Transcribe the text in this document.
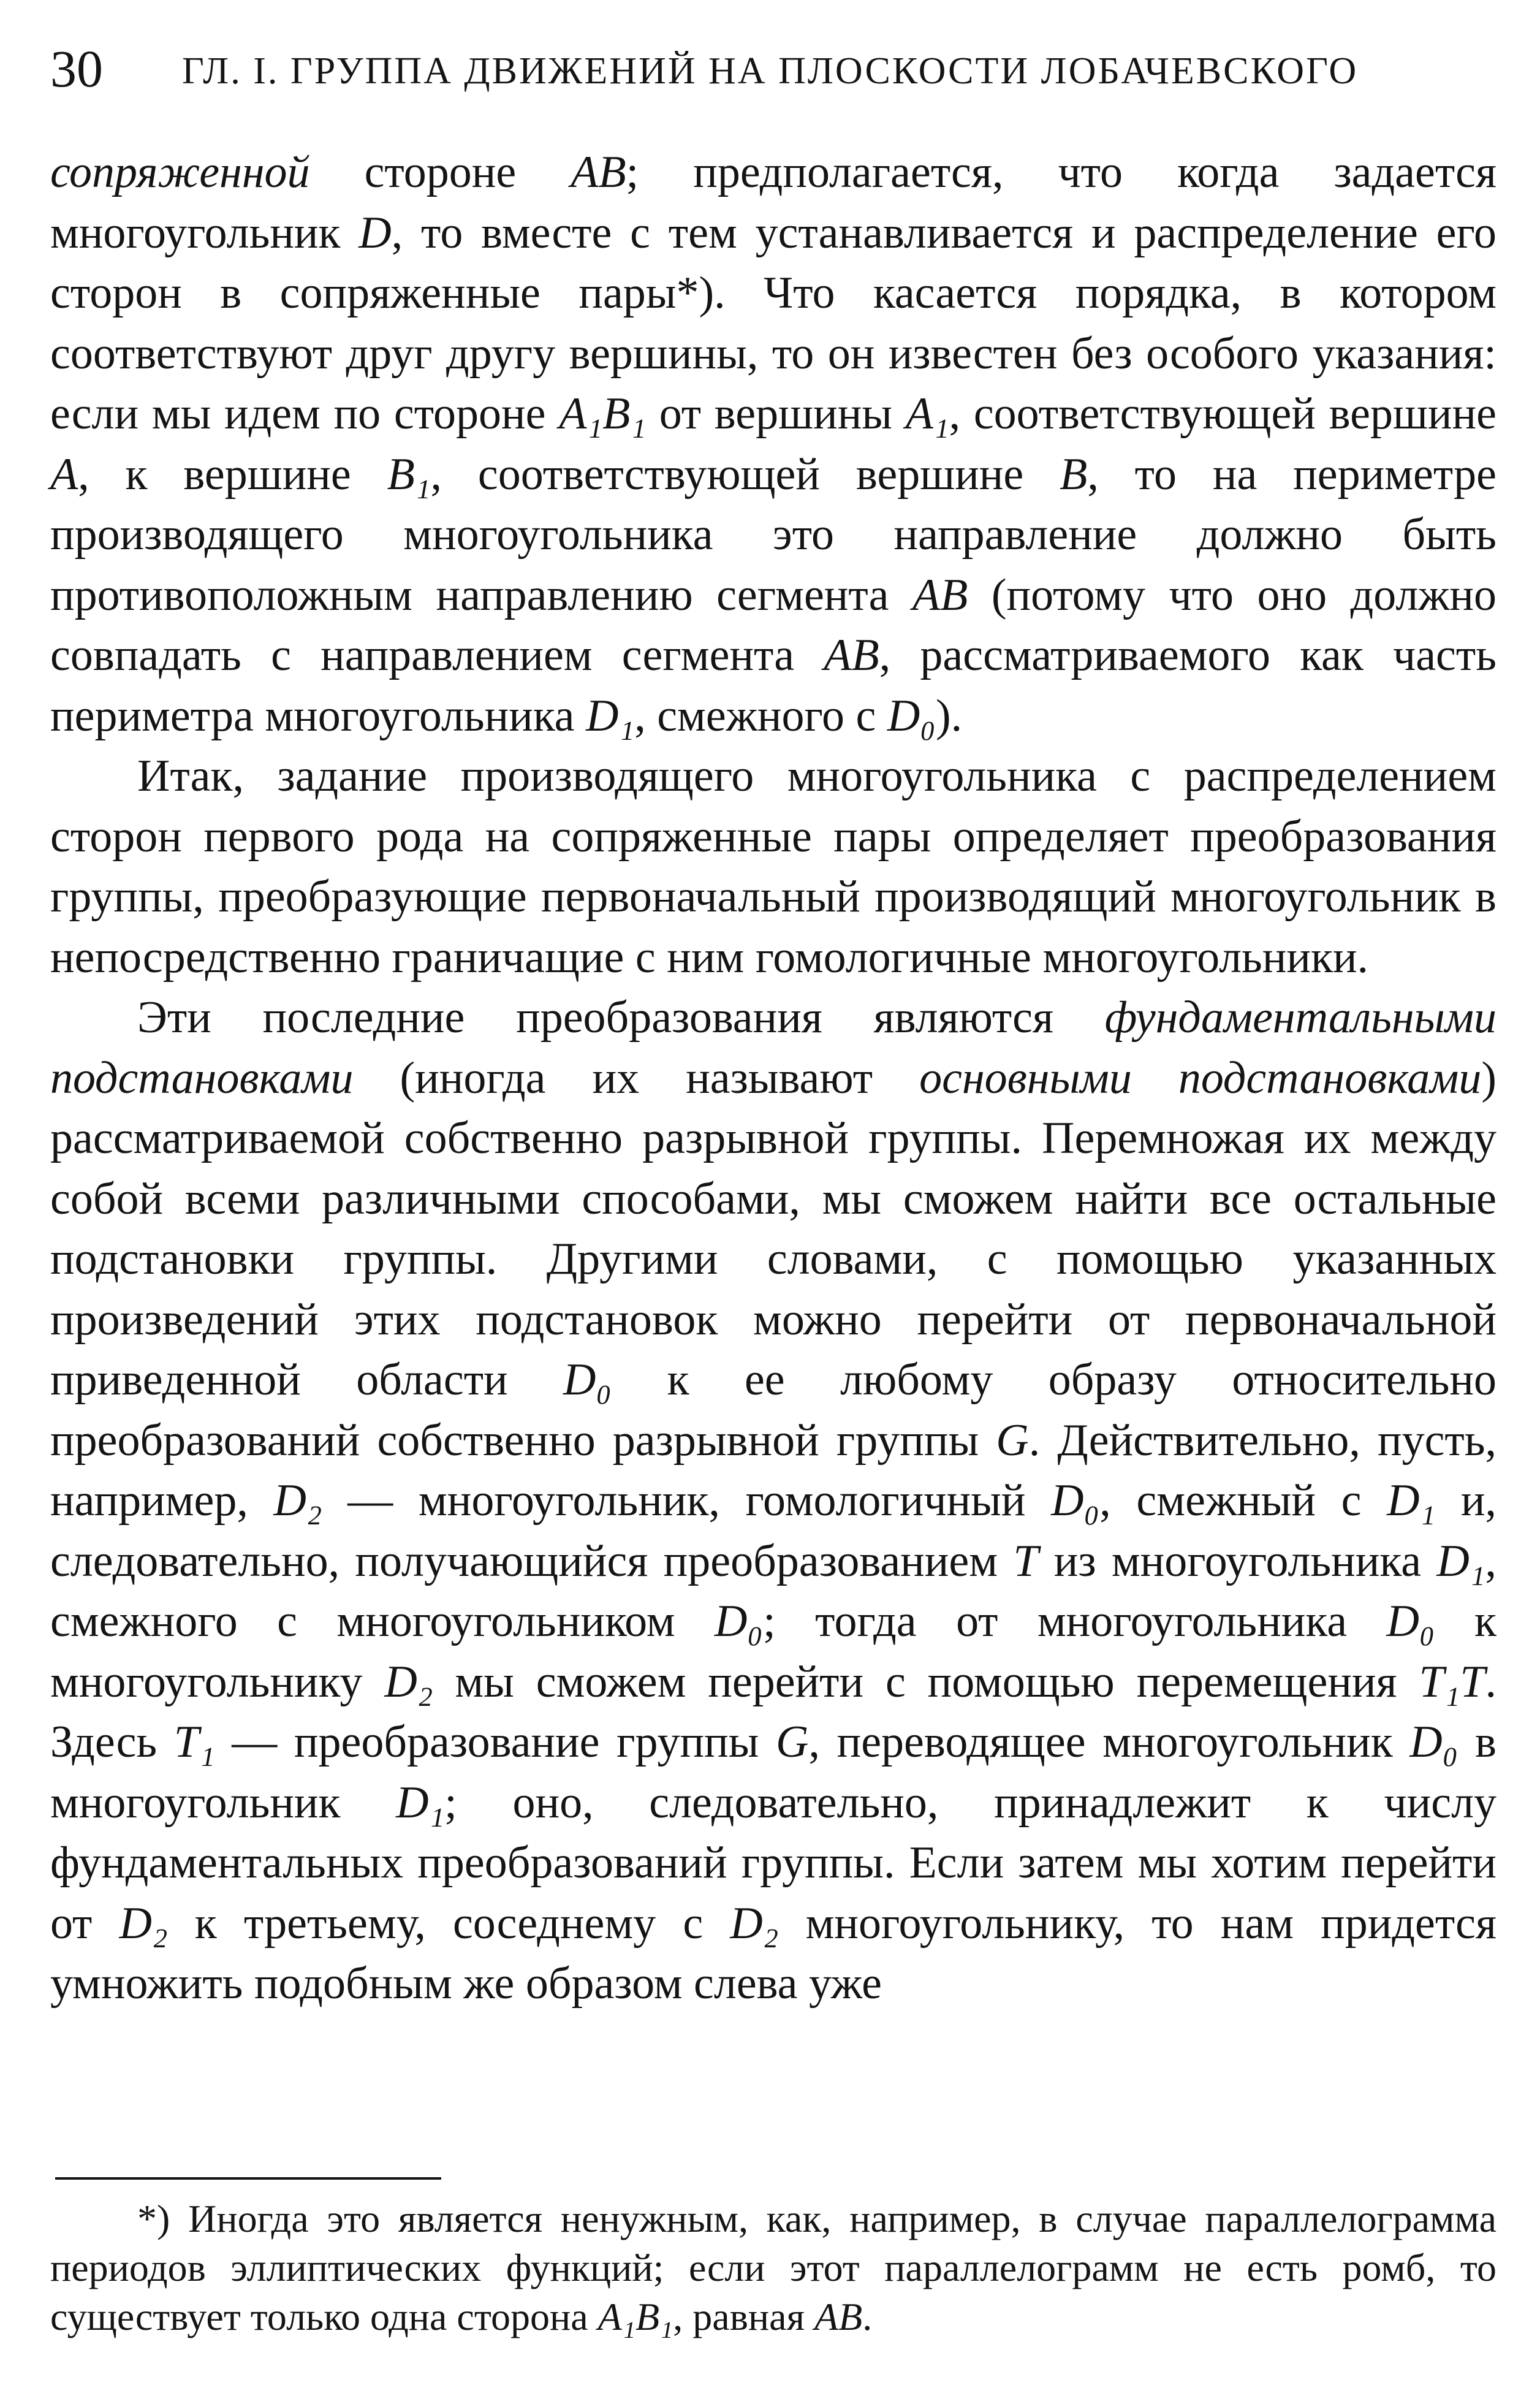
30 ГЛ. I. ГРУППА ДВИЖЕНИЙ НА ПЛОСКОСТИ ЛОБАЧЕВСКОГО

сопряженной стороне AB; предполагается, что когда задается многоугольник D, то вместе с тем устанавливается и распределение его сторон в сопряженные пары*). Что касается порядка, в котором соответствуют друг другу вершины, то он известен без особого указания: если мы идем по стороне A₁B₁ от вершины A₁, соответствующей вершине A, к вершине B₁, соответствующей вершине B, то на периметре производящего многоугольника это направление должно быть противоположным направлению сегмента AB (потому что оно должно совпадать с направлением сегмента AB, рассматриваемого как часть периметра многоугольника D₁, смежного с D₀).

Итак, задание производящего многоугольника с распределением сторон первого рода на сопряженные пары определяет преобразования группы, преобразующие первоначальный производящий многоугольник в непосредственно граничащие с ним гомологичные многоугольники.

Эти последние преобразования являются фундаментальными подстановками (иногда их называют основными подстановками) рассматриваемой собственно разрывной группы. Перемножая их между собой всеми различными способами, мы сможем найти все остальные подстановки группы. Другими словами, с помощью указанных произведений этих подстановок можно перейти от первоначальной приведенной области D₀ к ее любому образу относительно преобразований собственно разрывной группы G. Действительно, пусть, например, D₂ — многоугольник, гомологичный D₀, смежный с D₁ и, следовательно, получающийся преобразованием T из многоугольника D₁, смежного с многоугольником D₀; тогда от многоугольника D₀ к многоугольнику D₂ мы сможем перейти с помощью перемещения T₁T. Здесь T₁ — преобразование группы G, переводящее многоугольник D₀ в многоугольник D₁; оно, следовательно, принадлежит к числу фундаментальных преобразований группы. Если затем мы хотим перейти от D₂ к третьему, соседнему с D₂ многоугольнику, то нам придется умножить подобным же образом слева уже

*) Иногда это является ненужным, как, например, в случае параллелограмма периодов эллиптических функций; если этот параллелограмм не есть ромб, то существует только одна сторона A₁B₁, равная AB.
